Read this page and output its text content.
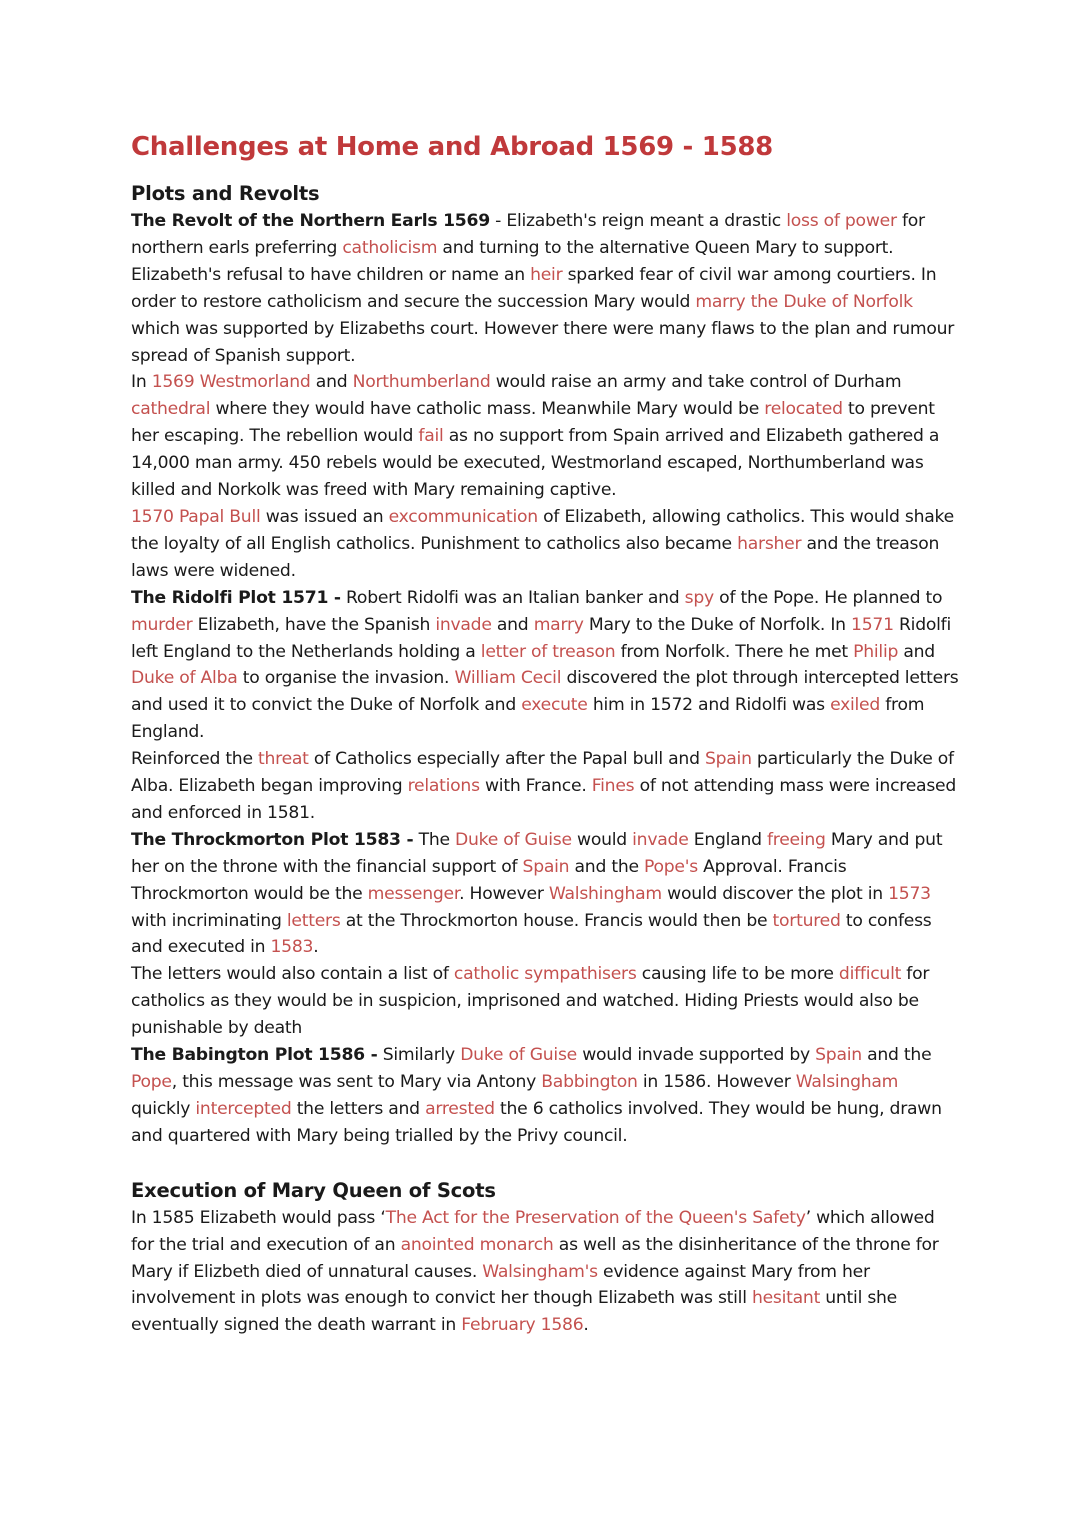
Challenges at Home and Abroad 1569 - 1588
Plots and Revolts

The Revolt of the Northern Earls 1569 - Elizabeth's reign meant a drastic loss of power for northern earls preferring catholicism and turning to the alternative Queen Mary to support. Elizabeth's refusal to have children or name an heir sparked fear of civil war among courtiers. In order to restore catholicism and secure the succession Mary would marry the Duke of Norfolk which was supported by Elizabeths court. However there were many flaws to the plan and rumour spread of Spanish support.

In 1569 Westmorland and Northumberland would raise an army and take control of Durham cathedral where they would have catholic mass. Meanwhile Mary would be relocated to prevent her escaping. The rebellion would fail as no support from Spain arrived and Elizabeth gathered a 14,000 man army. 450 rebels would be executed, Westmorland escaped, Northumberland was killed and Norkolk was freed with Mary remaining captive.

1570 Papal Bull was issued an excommunication of Elizabeth, allowing catholics. This would shake the loyalty of all English catholics. Punishment to catholics also became harsher and the treason laws were widened.

The Ridolfi Plot 1571 - Robert Ridolfi was an Italian banker and spy of the Pope. He planned to murder Elizabeth, have the Spanish invade and marry Mary to the Duke of Norfolk. In 1571 Ridolfi left England to the Netherlands holding a letter of treason from Norfolk. There he met Philip and Duke of Alba to organise the invasion. William Cecil discovered the plot through intercepted letters and used it to convict the Duke of Norfolk and execute him in 1572 and Ridolfi was exiled from England.

Reinforced the threat of Catholics especially after the Papal bull and Spain particularly the Duke of Alba. Elizabeth began improving relations with France. Fines of not attending mass were increased and enforced in 1581.

The Throckmorton Plot 1583 - The Duke of Guise would invade England freeing Mary and put her on the throne with the financial support of Spain and the Pope's Approval. Francis Throckmorton would be the messenger. However Walshingham would discover the plot in 1573 with incriminating letters at the Throckmorton house. Francis would then be tortured to confess and executed in 1583.

The letters would also contain a list of catholic sympathisers causing life to be more difficult for catholics as they would be in suspicion, imprisoned and watched. Hiding Priests would also be punishable by death

The Babington Plot 1586 - Similarly Duke of Guise would invade supported by Spain and the Pope, this message was sent to Mary via Antony Babbington in 1586. However Walsingham quickly intercepted the letters and arrested the 6 catholics involved. They would be hung, drawn and quartered with Mary being trialled by the Privy council.

Execution of Mary Queen of Scots

In 1585 Elizabeth would pass ‘The Act for the Preservation of the Queen's Safety’ which allowed for the trial and execution of an anointed monarch as well as the disinheritance of the throne for Mary if Elizbeth died of unnatural causes. Walsingham's evidence against Mary from her involvement in plots was enough to convict her though Elizabeth was still hesitant until she eventually signed the death warrant in February 1586.
